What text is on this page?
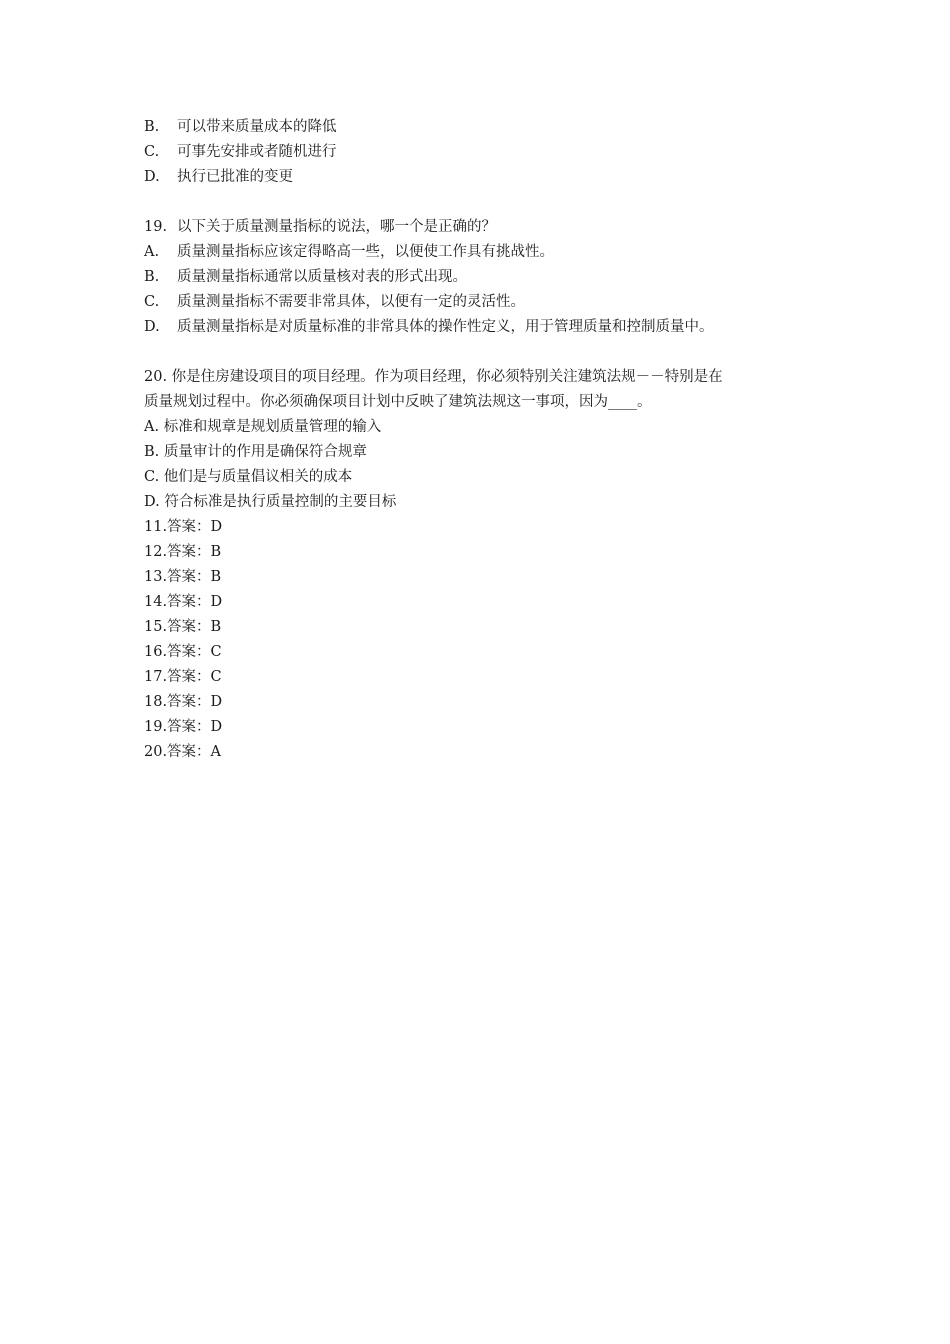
B. 可以带来质量成本的降低
C. 可事先安排或者随机进行
D. 执行已批准的变更
19. 以下关于质量测量指标的说法，哪一个是正确的？
A. 质量测量指标应该定得略高一些，以便使工作具有挑战性。
B. 质量测量指标通常以质量核对表的形式出现。
C. 质量测量指标不需要非常具体，以便有一定的灵活性。
D. 质量测量指标是对质量标准的非常具体的操作性定义，用于管理质量和控制质量中。
20. 你是住房建设项目的项目经理。作为项目经理，你必须特别关注建筑法规－－特别是在
质量规划过程中。你必须确保项目计划中反映了建筑法规这一事项，因为____。
A. 标准和规章是规划质量管理的输入
B. 质量审计的作用是确保符合规章
C. 他们是与质量倡议相关的成本
D. 符合标准是执行质量控制的主要目标
11.答案：D
12.答案：B
13.答案：B
14.答案：D
15.答案：B
16.答案：C
17.答案：C
18.答案：D
19.答案：D
20.答案：A
